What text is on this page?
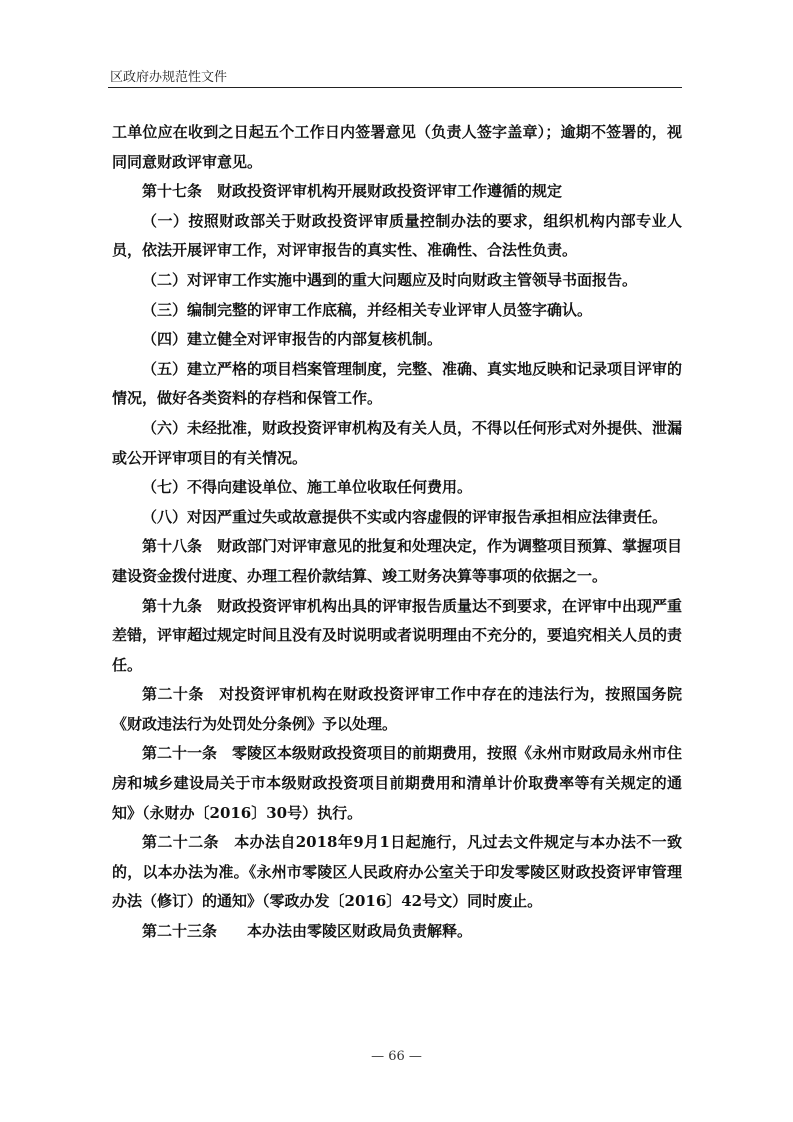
区政府办规范性文件

工单位应在收到之日起五个工作日内签署意见（负责人签字盖章）；逾期不签署的，视同同意财政评审意见。

第十七条　财政投资评审机构开展财政投资评审工作遵循的规定

（一）按照财政部关于财政投资评审质量控制办法的要求，组织机构内部专业人员，依法开展评审工作，对评审报告的真实性、准确性、合法性负责。

（二）对评审工作实施中遇到的重大问题应及时向财政主管领导书面报告。

（三）编制完整的评审工作底稿，并经相关专业评审人员签字确认。

（四）建立健全对评审报告的内部复核机制。

（五）建立严格的项目档案管理制度，完整、准确、真实地反映和记录项目评审的情况，做好各类资料的存档和保管工作。

（六）未经批准，财政投资评审机构及有关人员，不得以任何形式对外提供、泄漏或公开评审项目的有关情况。

（七）不得向建设单位、施工单位收取任何费用。

（八）对因严重过失或故意提供不实或内容虚假的评审报告承担相应法律责任。

第十八条　财政部门对评审意见的批复和处理决定，作为调整项目预算、掌握项目建设资金拨付进度、办理工程价款结算、竣工财务决算等事项的依据之一。

第十九条　财政投资评审机构出具的评审报告质量达不到要求，在评审中出现严重差错，评审超过规定时间且没有及时说明或者说明理由不充分的，要追究相关人员的责任。

第二十条　对投资评审机构在财政投资评审工作中存在的违法行为，按照国务院《财政违法行为处罚处分条例》予以处理。

第二十一条　零陵区本级财政投资项目的前期费用，按照《永州市财政局永州市住房和城乡建设局关于市本级财政投资项目前期费用和清单计价取费率等有关规定的通知》（永财办〔2016〕30号）执行。

第二十二条　本办法自2018年9月1日起施行，凡过去文件规定与本办法不一致的，以本办法为准。《永州市零陵区人民政府办公室关于印发零陵区财政投资评审管理办法（修订）的通知》（零政办发〔2016〕42号文）同时废止。

第二十三条　　本办法由零陵区财政局负责解释。

— 66 —
